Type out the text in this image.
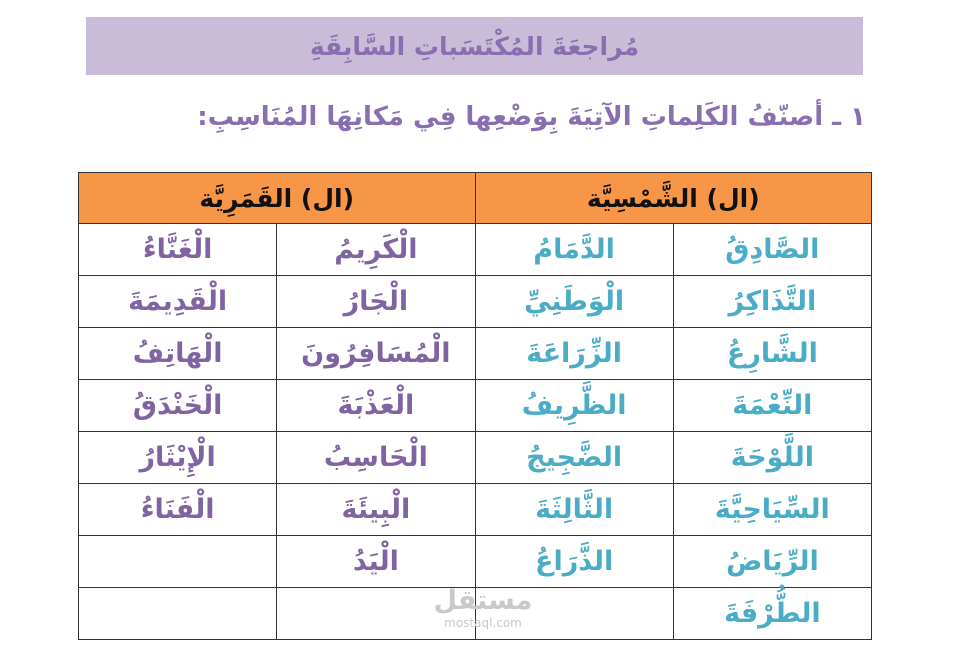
مُراجعَةَ المُكْتَسَباتِ السَّابِقَةِ
١ ـ أصنّفُ الكَلِماتِ الآتِيَةَ بِوَضْعِها فِي مَكانِهَا المُنَاسِبِ:
(ال) الشَّمْسِيَّة		(ال) القَمَرِيَّة	
الصَّادِقُ	الدَّمَامُ	الْكَرِيمُ	الْغَنَّاءُ
التَّذَاكِرُ	الْوَطَنِيِّ	الْجَارُ	الْقَدِيمَةَ
الشَّارِعُ	الزِّرَاعَةَ	الْمُسَافِرُونَ	الْهَاتِفُ
النِّعْمَةَ	الظَّرِيفُ	الْعَذْبَةَ	الْخَنْدَقُ
اللَّوْحَةَ	الضَّجِيجُ	الْحَاسِبُ	الْإِيْثَارُ
السِّيَاحِيَّةَ	الثَّالِثَةَ	الْبِيئَةَ	الْفَنَاءُ
الرِّيَاضُ	الذَّرَاعُ	الْيَدُ	
الطُّرْفَةَ			
مستقل
mostaql.com
